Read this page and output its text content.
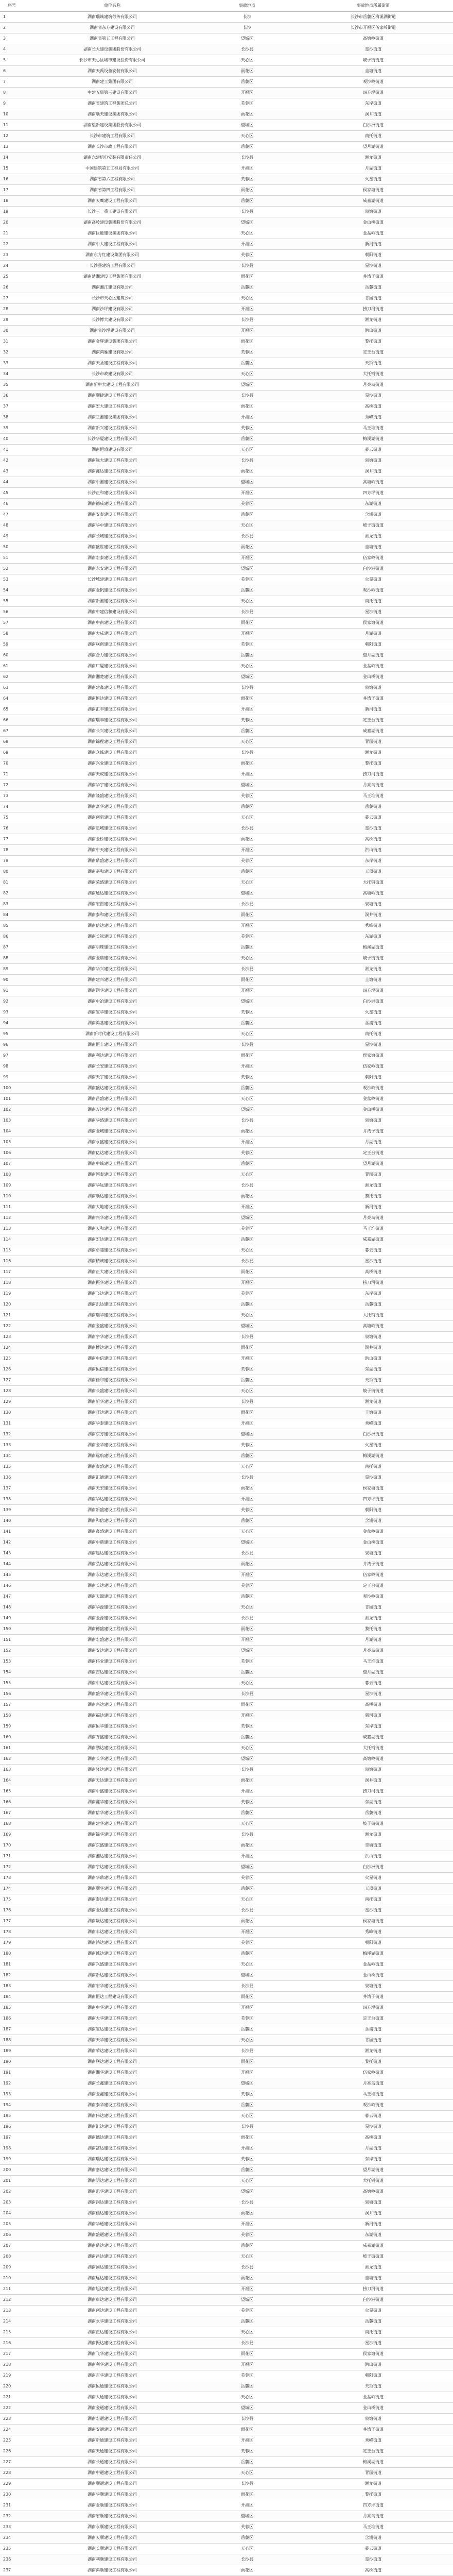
序号	单位名称	事故地点	事故地点所属街道
1	湖南瑞诚建筑劳务有限公司	长沙	长沙市岳麓区梅溪湖街道
2	湖南省东方建设有限公司	长沙	长沙市开福区伍家岭街道
3	湖南省第五工程有限公司	望城区	高塘岭街道
4	湖南长大建设集团股份有限公司	长沙县	星沙街道
5	长沙市天心区城市建设投资有限公司	天心区	坡子街街道
6	湖南天禹设备安装有限公司	雨花区	圭塘街道
7	湖南建工集团有限公司	岳麓区	观沙岭街道
8	中建五局第三建设有限公司	开福区	四方坪街道
9	湖南省建筑工程集团总公司	芙蓉区	东岸街道
10	湖南顺天建设集团有限公司	雨花区	洞井街道
11	湖南望新建设集团股份有限公司	望城区	白沙洲街道
12	长沙市建筑工程有限公司	天心区	南托街道
13	湖南长沙市政工程有限公司	岳麓区	望月湖街道
14	湖南六建机电安装有限责任公司	长沙县	湘龙街道
15	中国建筑第五工程局有限公司	开福区	月湖街道
16	湖南省第六工程有限公司	芙蓉区	火星街道
17	湖南省第四工程有限公司	雨花区	侯家塘街道
18	湖南天鹰建设工程有限公司	岳麓区	咸嘉湖街道
19	长沙三一重工建设有限公司	长沙县	泉塘街道
20	湖南高岭建设集团股份有限公司	望城区	金山桥街道
21	湖南巨能建设集团有限公司	天心区	金盆岭街道
22	湖南中大建设工程有限公司	开福区	新河街道
23	湖南东方红建设集团有限公司	芙蓉区	朝阳街道
24	长沙县建筑工程有限公司	长沙县	星沙街道
25	湖南楚湘建设工程集团有限公司	雨花区	井湾子街道
26	湖南湘江建设有限公司	岳麓区	岳麓街道
27	长沙市天心区建筑公司	天心区	青园街道
28	湖南沙坪建设有限公司	开福区	捞刀河街道
29	长沙博大建设有限公司	长沙县	湘龙街道
30	湖南省沙坪建设有限公司	开福区	洪山街道
31	湖南金辉建设集团有限公司	雨花区	黎托街道
32	湖南鸿雁建设有限公司	芙蓉区	定王台街道
33	湖南天圣建设工程有限公司	岳麓区	天顶街道
34	长沙市政建设有限公司	天心区	大托铺街道
35	湖南新中大建设工程有限公司	望城区	月亮岛街道
36	湖南顺捷建设工程有限公司	长沙县	星沙街道
37	湖南宏大建设工程有限公司	雨花区	高桥街道
38	湖南三湘建设集团有限公司	开福区	秀峰街道
39	湖南新兴建设工程有限公司	芙蓉区	马王堆街道
40	长沙华厦建设工程有限公司	岳麓区	梅溪湖街道
41	湖南恒盛建设有限公司	天心区	暮云街道
42	湖南远大建设工程有限公司	长沙县	泉塘街道
43	湖南鑫达建设工程有限公司	雨花区	洞井街道
44	湖南中湘建设工程有限公司	望城区	高塘岭街道
45	长沙正和建设工程有限公司	开福区	四方坪街道
46	湖南德成建设工程有限公司	芙蓉区	东湖街道
47	湖南安泰建设工程有限公司	岳麓区	含浦街道
48	湖南华中建设工程有限公司	天心区	坡子街街道
49	湖南长城建设工程有限公司	长沙县	湘龙街道
50	湖南盛世建设工程有限公司	雨花区	圭塘街道
51	湖南宏泰建设工程有限公司	开福区	伍家岭街道
52	湖南永安建设工程有限公司	望城区	白沙洲街道
53	长沙城建建设工程有限公司	芙蓉区	火星街道
54	湖南金帆建设工程有限公司	岳麓区	观沙岭街道
55	湖南新湘建设工程有限公司	天心区	南托街道
56	湖南中建信和建设有限公司	长沙县	星沙街道
57	湖南中南建设工程有限公司	雨花区	侯家塘街道
58	湖南大成建设工程有限公司	开福区	月湖街道
59	湖南联创建设工程有限公司	芙蓉区	朝阳街道
60	湖南合力建设工程有限公司	岳麓区	望月湖街道
61	湖南广厦建设工程有限公司	天心区	金盆岭街道
62	湖南湘楚建设工程有限公司	望城区	金山桥街道
63	湖南建鑫建设工程有限公司	长沙县	泉塘街道
64	湖南恒达建设工程有限公司	雨花区	井湾子街道
65	湖南汇丰建设工程有限公司	开福区	新河街道
66	湖南瑞丰建设工程有限公司	芙蓉区	定王台街道
67	湖南长兴建设工程有限公司	岳麓区	咸嘉湖街道
68	湖南锦程建设工程有限公司	天心区	青园街道
69	湖南众诚建设工程有限公司	长沙县	湘龙街道
70	湖南兴业建设工程有限公司	雨花区	黎托街道
71	湖南天成建设工程有限公司	开福区	捞刀河街道
72	湖南华宇建设工程有限公司	望城区	月亮岛街道
73	湖南隆盛建设工程有限公司	芙蓉区	马王堆街道
74	湖南富华建设工程有限公司	岳麓区	岳麓街道
75	湖南创新建设工程有限公司	天心区	暮云街道
76	湖南星城建设工程有限公司	长沙县	星沙街道
77	湖南金桥建设工程有限公司	雨花区	高桥街道
78	湖南中天建设工程有限公司	开福区	洪山街道
79	湖南鼎盛建设工程有限公司	芙蓉区	东岸街道
80	湖南嘉和建设工程有限公司	岳麓区	天顶街道
81	湖南荣盛建设工程有限公司	天心区	大托铺街道
82	湖南通达建设工程有限公司	望城区	高塘岭街道
83	湖南宏图建设工程有限公司	长沙县	泉塘街道
84	湖南泰和建设工程有限公司	雨花区	洞井街道
85	湖南信达建设工程有限公司	开福区	秀峰街道
86	湖南长远建设工程有限公司	芙蓉区	东湖街道
87	湖南明珠建设工程有限公司	岳麓区	梅溪湖街道
88	湖南金鼎建设工程有限公司	天心区	坡子街街道
89	湖南华兴建设工程有限公司	长沙县	湘龙街道
90	湖南建兴建设工程有限公司	雨花区	圭塘街道
91	湖南润华建设工程有限公司	开福区	四方坪街道
92	湖南中冶建设工程有限公司	望城区	白沙洲街道
93	湖南宝华建设工程有限公司	芙蓉区	火星街道
94	湖南鸿基建设工程有限公司	岳麓区	含浦街道
95	湖南新时代建设工程有限公司	天心区	南托街道
96	湖南恒丰建设工程有限公司	长沙县	星沙街道
97	湖南利达建设工程有限公司	雨花区	侯家塘街道
98	湖南长安建设工程有限公司	开福区	伍家岭街道
99	湖南天宇建设工程有限公司	芙蓉区	朝阳街道
100	湖南盛达建设工程有限公司	岳麓区	观沙岭街道
101	湖南昌盛建设工程有限公司	天心区	金盆岭街道
102	湖南万达建设工程有限公司	望城区	金山桥街道
103	湖南华盛建设工程有限公司	长沙县	泉塘街道
104	湖南金城建设工程有限公司	雨花区	井湾子街道
105	湖南永盛建设工程有限公司	开福区	月湖街道
106	湖南亿达建设工程有限公司	芙蓉区	定王台街道
107	湖南中诚建设工程有限公司	岳麓区	望月湖街道
108	湖南国泰建设工程有限公司	天心区	青园街道
109	湖南华远建设工程有限公司	长沙县	湘龙街道
110	湖南顺达建设工程有限公司	雨花区	黎托街道
111	湖南大地建设工程有限公司	开福区	新河街道
112	湖南兴华建设工程有限公司	望城区	月亮岛街道
113	湖南天和建设工程有限公司	芙蓉区	马王堆街道
114	湖南宏达建设工程有限公司	岳麓区	咸嘉湖街道
115	湖南卓越建设工程有限公司	天心区	暮云街道
116	湖南精诚建设工程有限公司	长沙县	星沙街道
117	湖南正大建设工程有限公司	雨花区	高桥街道
118	湖南振华建设工程有限公司	开福区	捞刀河街道
119	湖南飞达建设工程有限公司	芙蓉区	东岸街道
120	湖南凯达建设工程有限公司	岳麓区	岳麓街道
121	湖南瑞华建设工程有限公司	天心区	大托铺街道
122	湖南金盛建设工程有限公司	望城区	高塘岭街道
123	湖南宇华建设工程有限公司	长沙县	泉塘街道
124	湖南博达建设工程有限公司	雨花区	洞井街道
125	湖南中信建设工程有限公司	开福区	洪山街道
126	湖南恒信建设工程有限公司	芙蓉区	东湖街道
127	湖南佳和建设工程有限公司	岳麓区	天顶街道
128	湖南长盛建设工程有限公司	天心区	坡子街街道
129	湖南新华建设工程有限公司	长沙县	湘龙街道
130	湖南旺达建设工程有限公司	雨花区	圭塘街道
131	湖南华泰建设工程有限公司	开福区	秀峰街道
132	湖南东方建设工程有限公司	望城区	白沙洲街道
133	湖南金华建设工程有限公司	芙蓉区	火星街道
134	湖南远航建设工程有限公司	岳麓区	梅溪湖街道
135	湖南泰盛建设工程有限公司	天心区	南托街道
136	湖南汇通建设工程有限公司	长沙县	星沙街道
137	湖南天宏建设工程有限公司	雨花区	侯家塘街道
138	湖南华达建设工程有限公司	开福区	四方坪街道
139	湖南新盛建设工程有限公司	芙蓉区	朝阳街道
140	湖南和信建设工程有限公司	岳麓区	含浦街道
141	湖南鑫盛建设工程有限公司	天心区	金盆岭街道
142	湖南中鼎建设工程有限公司	望城区	金山桥街道
143	湖南建达建设工程有限公司	长沙县	泉塘街道
144	湖南弘达建设工程有限公司	雨花区	井湾子街道
145	湖南永达建设工程有限公司	开福区	伍家岭街道
146	湖南长达建设工程有限公司	芙蓉区	定王台街道
147	湖南天源建设工程有限公司	岳麓区	观沙岭街道
148	湖南华源建设工程有限公司	天心区	青园街道
149	湖南金源建设工程有限公司	长沙县	湘龙街道
150	湖南德盛建设工程有限公司	雨花区	黎托街道
151	湖南宏盛建设工程有限公司	开福区	月湖街道
152	湖南安达建设工程有限公司	望城区	月亮岛街道
153	湖南伟业建设工程有限公司	芙蓉区	马王堆街道
154	湖南吉达建设工程有限公司	岳麓区	望月湖街道
155	湖南中达建设工程有限公司	天心区	暮云街道
156	湖南盛华建设工程有限公司	长沙县	星沙街道
157	湖南兴达建设工程有限公司	雨花区	高桥街道
158	湖南福达建设工程有限公司	开福区	新河街道
159	湖南恒华建设工程有限公司	芙蓉区	东岸街道
160	湖南万盛建设工程有限公司	岳麓区	咸嘉湖街道
161	湖南鹏达建设工程有限公司	天心区	大托铺街道
162	湖南长华建设工程有限公司	望城区	高塘岭街道
163	湖南隆达建设工程有限公司	长沙县	泉塘街道
164	湖南天达建设工程有限公司	雨花区	洞井街道
165	湖南中盛建设工程有限公司	开福区	捞刀河街道
166	湖南鑫华建设工程有限公司	芙蓉区	东湖街道
167	湖南信华建设工程有限公司	岳麓区	岳麓街道
168	湖南建华建设工程有限公司	天心区	坡子街街道
169	湖南锦华建设工程有限公司	长沙县	湘龙街道
170	湖南东盛建设工程有限公司	雨花区	圭塘街道
171	湖南湘达建设工程有限公司	开福区	洪山街道
172	湖南宇达建设工程有限公司	望城区	白沙洲街道
173	湖南华鼎建设工程有限公司	芙蓉区	火星街道
174	湖南顺华建设工程有限公司	岳麓区	天顶街道
175	湖南泰达建设工程有限公司	天心区	南托街道
176	湖南金达建设工程有限公司	长沙县	星沙街道
177	湖南晟达建设工程有限公司	雨花区	侯家塘街道
178	湖南丰达建设工程有限公司	开福区	秀峰街道
179	湖南鸿达建设工程有限公司	芙蓉区	朝阳街道
180	湖南诚达建设工程有限公司	岳麓区	梅溪湖街道
181	湖南兴盛建设工程有限公司	天心区	金盆岭街道
182	湖南新达建设工程有限公司	望城区	金山桥街道
183	湖南宏华建设工程有限公司	长沙县	泉塘街道
184	湖南恒达工程建设有限公司	雨花区	井湾子街道
185	湖南中华建设工程有限公司	开福区	四方坪街道
186	湖南大华建设工程有限公司	芙蓉区	定王台街道
187	湖南宝达建设工程有限公司	岳麓区	含浦街道
188	湖南天华建设工程有限公司	天心区	青园街道
189	湖南荣达建设工程有限公司	长沙县	湘龙街道
190	湖南联达建设工程有限公司	雨花区	黎托街道
191	湖南湘华建设工程有限公司	开福区	伍家岭街道
192	湖南长鑫建设工程有限公司	望城区	月亮岛街道
193	湖南金鑫建设工程有限公司	芙蓉区	马王堆街道
194	湖南泰华建设工程有限公司	岳麓区	观沙岭街道
195	湖南伟达建设工程有限公司	天心区	暮云街道
196	湖南汇达建设工程有限公司	长沙县	星沙街道
197	湖南德达建设工程有限公司	雨花区	高桥街道
198	湖南富达建设工程有限公司	开福区	月湖街道
199	湖南瑞达建设工程有限公司	芙蓉区	东岸街道
200	湖南嘉达建设工程有限公司	岳麓区	望月湖街道
201	湖南明达建设工程有限公司	天心区	大托铺街道
202	湖南凯华建设工程有限公司	望城区	高塘岭街道
203	湖南润达建设工程有限公司	长沙县	泉塘街道
204	湖南佳达建设工程有限公司	雨花区	洞井街道
205	湖南华通建设工程有限公司	开福区	新河街道
206	湖南盛通建设工程有限公司	芙蓉区	东湖街道
207	湖南鼎达建设工程有限公司	岳麓区	咸嘉湖街道
208	湖南昌达建设工程有限公司	天心区	坡子街街道
209	湖南国达建设工程有限公司	长沙县	湘龙街道
210	湖南远达建设工程有限公司	雨花区	圭塘街道
211	湖南旭达建设工程有限公司	开福区	捞刀河街道
212	湖南卓达建设工程有限公司	望城区	白沙洲街道
213	湖南创达建设工程有限公司	芙蓉区	火星街道
214	湖南永华建设工程有限公司	岳麓区	岳麓街道
215	湖南正达建设工程有限公司	天心区	南托街道
216	湖南振达建设工程有限公司	长沙县	星沙街道
217	湖南飞华建设工程有限公司	雨花区	侯家塘街道
218	湖南利华建设工程有限公司	开福区	洪山街道
219	湖南吉华建设工程有限公司	芙蓉区	朝阳街道
220	湖南恒通建设工程有限公司	岳麓区	天顶街道
221	湖南大通建设工程有限公司	天心区	金盆岭街道
222	湖南金通建设工程有限公司	望城区	金山桥街道
223	湖南宏通建设工程有限公司	长沙县	泉塘街道
224	湖南安通建设工程有限公司	雨花区	井湾子街道
225	湖南新通建设工程有限公司	开福区	秀峰街道
226	湖南天通建设工程有限公司	芙蓉区	定王台街道
227	湖南长通建设工程有限公司	岳麓区	梅溪湖街道
228	湖南中通建设工程有限公司	天心区	青园街道
229	湖南顺通建设工程有限公司	长沙县	湘龙街道
230	湖南华顺建设工程有限公司	雨花区	黎托街道
231	湖南金顺建设工程有限公司	开福区	四方坪街道
232	湖南宏顺建设工程有限公司	望城区	月亮岛街道
233	湖南永顺建设工程有限公司	芙蓉区	马王堆街道
234	湖南天顺建设工程有限公司	岳麓区	含浦街道
235	湖南长顺建设工程有限公司	天心区	暮云街道
236	湖南利顺建设工程有限公司	长沙县	星沙街道
237	湖南鸿顺建设工程有限公司	雨花区	高桥街道
